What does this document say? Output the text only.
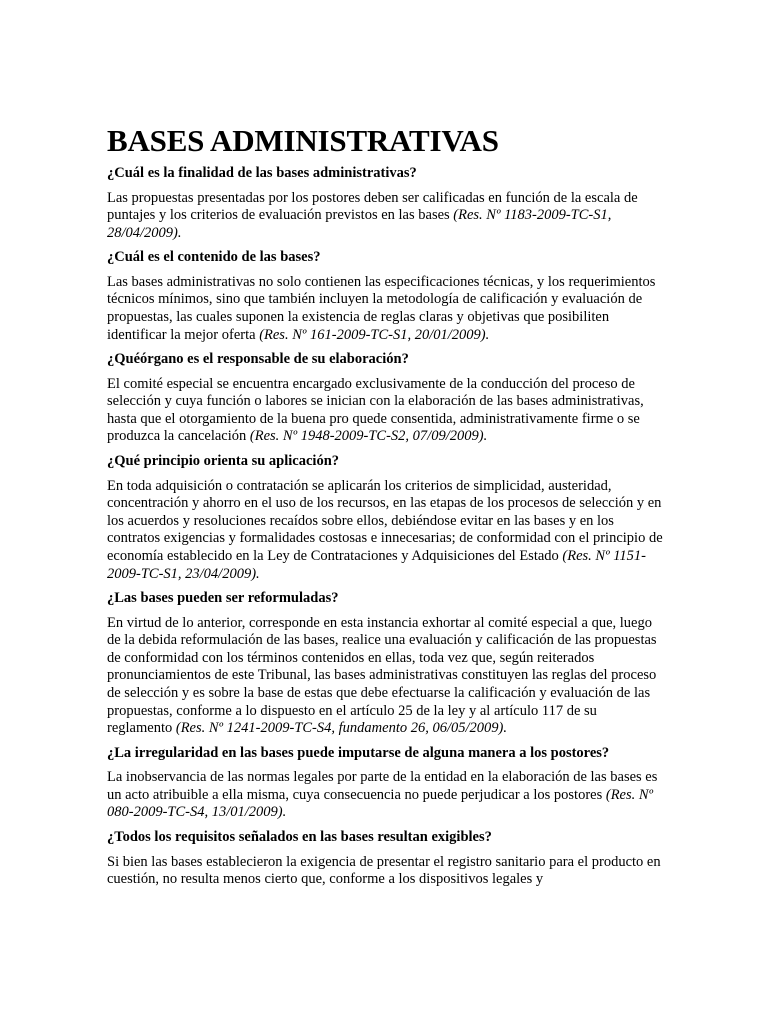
BASES ADMINISTRATIVAS

¿Cuál es la finalidad de las bases administrativas?

Las propuestas presentadas por los postores deben ser calificadas en función de la escala de puntajes y los criterios de evaluación previstos en las bases (Res. Nº 1183-2009-TC-S1, 28/04/2009).

¿Cuál es el contenido de las bases?

Las bases administrativas no solo contienen las especificaciones técnicas, y los requerimientos técnicos mínimos, sino que también incluyen la metodología de calificación y evaluación de propuestas, las cuales suponen la existencia de reglas claras y objetivas que posibiliten identificar la mejor oferta (Res. Nº 161-2009-TC-S1, 20/01/2009).

¿Quéórgano es el responsable de su elaboración?

El comité especial se encuentra encargado exclusivamente de la conducción del proceso de selección y cuya función o labores se inician con la elaboración de las bases administrativas, hasta que el otorgamiento de la buena pro quede consentida, administrativamente firme o se produzca la cancelación (Res. Nº 1948-2009-TC-S2, 07/09/2009).

¿Qué principio orienta su aplicación?

En toda adquisición o contratación se aplicarán los criterios de simplicidad, austeridad, concentración y ahorro en el uso de los recursos, en las etapas de los procesos de selección y en los acuerdos y resoluciones recaídos sobre ellos, debiéndose evitar en las bases y en los contratos exigencias y formalidades costosas e innecesarias; de conformidad con el principio de economía establecido en la Ley de Contrataciones y Adquisiciones del Estado (Res. Nº 1151-2009-TC-S1, 23/04/2009).

¿Las bases pueden ser reformuladas?

En virtud de lo anterior, corresponde en esta instancia exhortar al comité especial a que, luego de la debida reformulación de las bases, realice una evaluación y calificación de las propuestas de conformidad con los términos contenidos en ellas, toda vez que, según reiterados pronunciamientos de este Tribunal, las bases administrativas constituyen las reglas del proceso de selección y es sobre la base de estas que debe efectuarse la calificación y evaluación de las propuestas, conforme a lo dispuesto en el artículo 25 de la ley y al artículo 117 de su reglamento (Res. Nº 1241-2009-TC-S4, fundamento 26, 06/05/2009).

¿La irregularidad en las bases puede imputarse de alguna manera a los postores?

La inobservancia de las normas legales por parte de la entidad en la elaboración de las bases es un acto atribuible a ella misma, cuya consecuencia no puede perjudicar a los postores (Res. Nº 080-2009-TC-S4, 13/01/2009).

¿Todos los requisitos señalados en las bases resultan exigibles?

Si bien las bases establecieron la exigencia de presentar el registro sanitario para el producto en cuestión, no resulta menos cierto que, conforme a los dispositivos legales y
